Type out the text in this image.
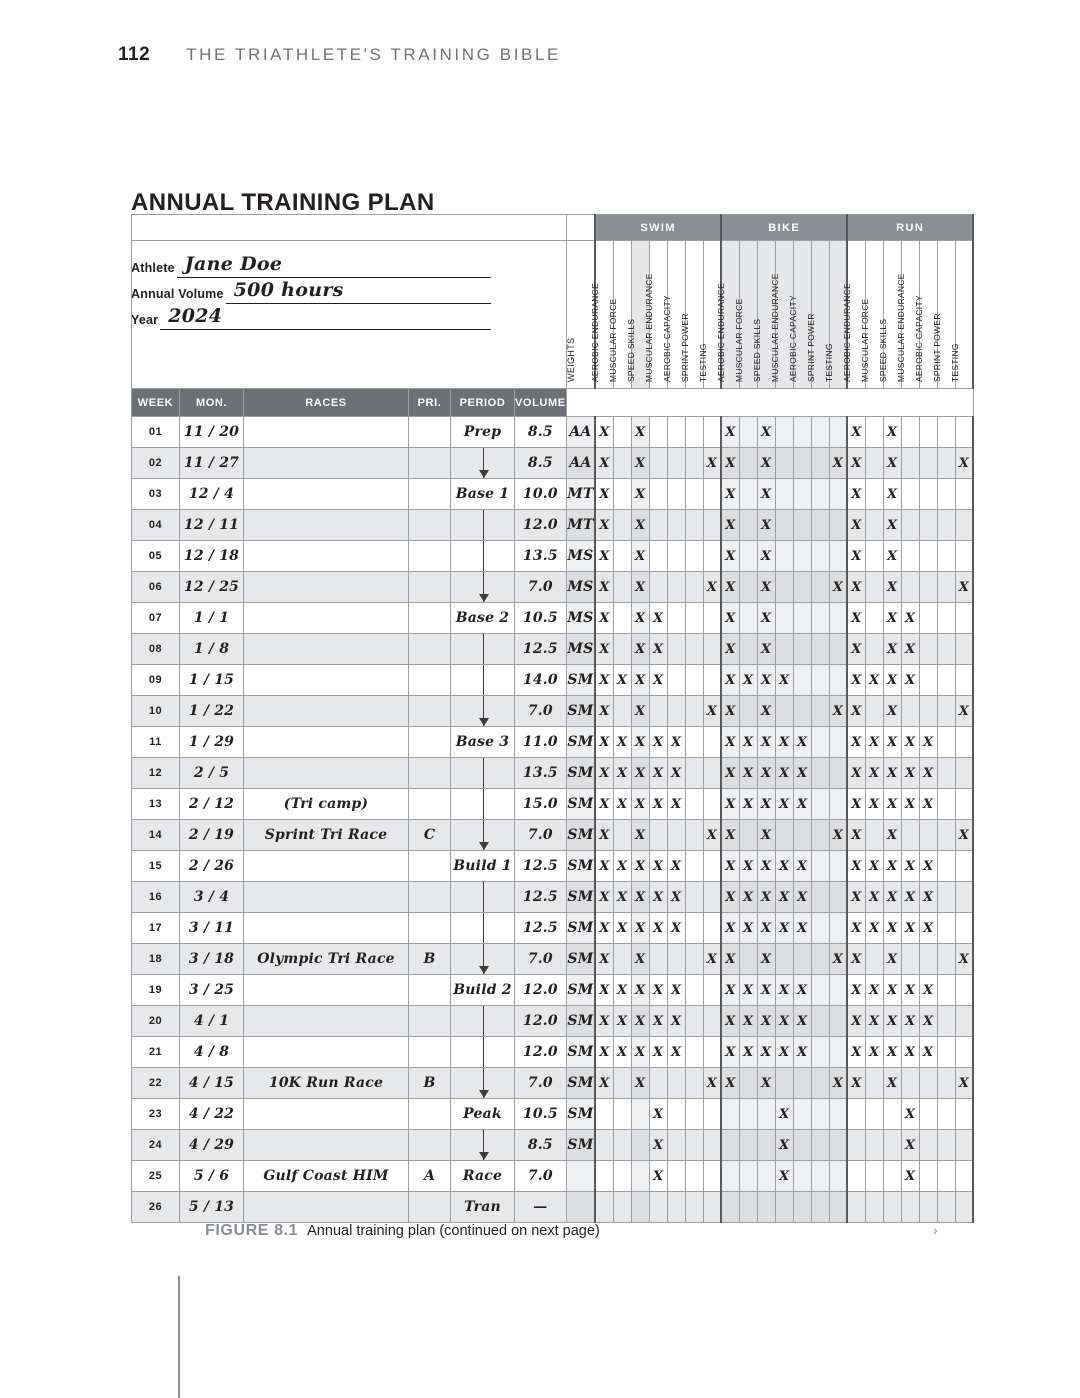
112 THE TRIATHLETE'S TRAINING BIBLE
ANNUAL TRAINING PLAN
Athlete Jane Doe
Annual Volume 500 hours
Year 2024
							SWIM							BIKE							RUN						

						WEIGHTS	AEROBIC ENDURANCE	MUSCULAR FORCE	SPEED SKILLS	MUSCULAR ENDURANCE	AEROBIC CAPACITY	SPRINT POWER	TESTING	AEROBIC ENDURANCE	MUSCULAR FORCE	SPEED SKILLS	MUSCULAR ENDURANCE	AEROBIC CAPACITY	SPRINT POWER	TESTING	AEROBIC ENDURANCE	MUSCULAR FORCE	SPEED SKILLS	MUSCULAR ENDURANCE	AEROBIC CAPACITY	SPRINT POWER	TESTING

WEEK	MON.	RACES	PRI.	PERIOD	VOLUME																						
01	11 / 20			Prep	8.5	AA	X		X					X		X					X		X				
02	11 / 27				8.5	AA	X		X				X	X		X				X	X		X				X
03	12 / 4			Base 1	10.0	MT	X		X					X		X					X		X				
04	12 / 11				12.0	MT	X		X					X		X					X		X				
05	12 / 18				13.5	MS	X		X					X		X					X		X				
06	12 / 25				7.0	MS	X		X				X	X		X				X	X		X				X
07	1 / 1			Base 2	10.5	MS	X		X	X				X		X					X		X	X			
08	1 / 8				12.5	MS	X		X	X				X		X					X		X	X			
09	1 / 15				14.0	SM	X	X	X	X				X	X	X	X				X	X	X	X			
10	1 / 22				7.0	SM	X		X				X	X		X				X	X		X				X
11	1 / 29			Base 3	11.0	SM	X	X	X	X	X			X	X	X	X	X			X	X	X	X	X		
12	2 / 5				13.5	SM	X	X	X	X	X			X	X	X	X	X			X	X	X	X	X		
13	2 / 12	(Tri camp)			15.0	SM	X	X	X	X	X			X	X	X	X	X			X	X	X	X	X		
14	2 / 19	Sprint Tri Race	C		7.0	SM	X		X				X	X		X				X	X		X				X
15	2 / 26			Build 1	12.5	SM	X	X	X	X	X			X	X	X	X	X			X	X	X	X	X		
16	3 / 4				12.5	SM	X	X	X	X	X			X	X	X	X	X			X	X	X	X	X		
17	3 / 11				12.5	SM	X	X	X	X	X			X	X	X	X	X			X	X	X	X	X		
18	3 / 18	Olympic Tri Race	B		7.0	SM	X		X				X	X		X				X	X		X				X
19	3 / 25			Build 2	12.0	SM	X	X	X	X	X			X	X	X	X	X			X	X	X	X	X		
20	4 / 1				12.0	SM	X	X	X	X	X			X	X	X	X	X			X	X	X	X	X		
21	4 / 8				12.0	SM	X	X	X	X	X			X	X	X	X	X			X	X	X	X	X		
22	4 / 15	10K Run Race	B		7.0	SM	X		X				X	X		X				X	X		X				X
23	4 / 22			Peak	10.5	SM				X							X							X			
24	4 / 29				8.5	SM				X							X							X			
25	5 / 6	Gulf Coast HIM	A	Race	7.0					X							X							X			
26	5 / 13			Tran	—																						
FIGURE 8.1 Annual training plan (continued on next page)	›
